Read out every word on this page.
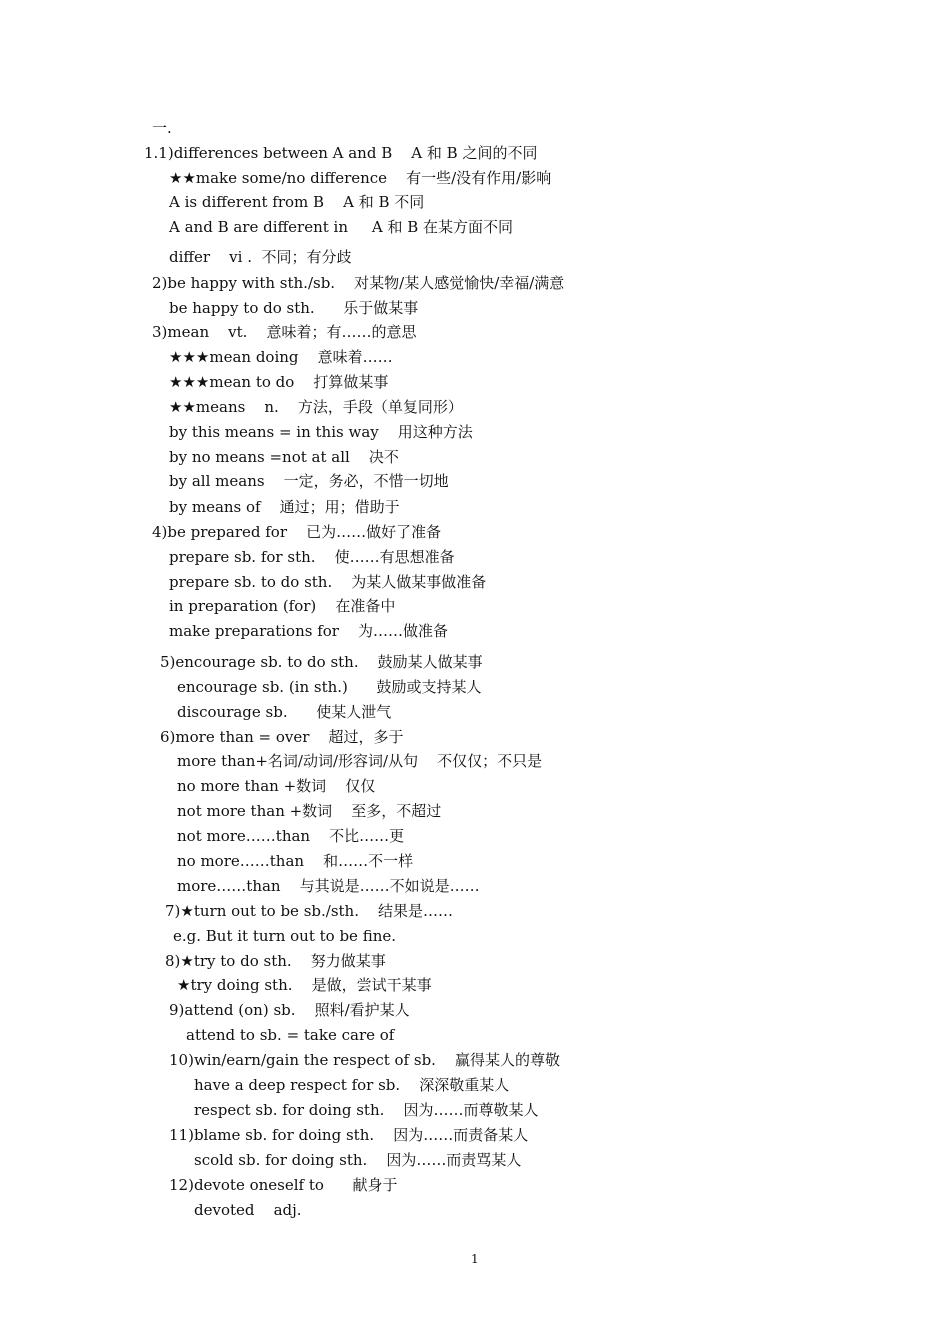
一.
1.1)differences between A and B    A 和 B 之间的不同
★★make some/no difference    有一些/没有作用/影响
A is different from B    A 和 B 不同
A and B are different in     A 和 B 在某方面不同
differ    vi .  不同；有分歧
2)be happy with sth./sb.    对某物/某人感觉愉快/幸福/满意
be happy to do sth.      乐于做某事
3)mean    vt.    意味着；有……的意思
★★★mean doing    意味着……
★★★mean to do    打算做某事
★★means    n.    方法，手段（单复同形）
by this means = in this way    用这种方法
by no means =not at all    决不
by all means    一定，务必，不惜一切地
by means of    通过；用；借助于
4)be prepared for    已为……做好了准备
prepare sb. for sth.    使……有思想准备
prepare sb. to do sth.    为某人做某事做准备
in preparation (for)    在准备中
make preparations for    为……做准备
5)encourage sb. to do sth.    鼓励某人做某事
encourage sb. (in sth.)      鼓励或支持某人
discourage sb.      使某人泄气
6)more than = over    超过，多于
more than+名词/动词/形容词/从句    不仅仅；不只是
no more than +数词    仅仅
not more than +数词    至多，不超过
not more……than    不比……更
no more……than    和……不一样
more……than    与其说是……不如说是……
7)★turn out to be sb./sth.    结果是……
e.g. But it turn out to be fine.
8)★try to do sth.    努力做某事
★try doing sth.    是做，尝试干某事
9)attend (on) sb.    照料/看护某人
attend to sb. = take care of
10)win/earn/gain the respect of sb.    赢得某人的尊敬
have a deep respect for sb.    深深敬重某人
respect sb. for doing sth.    因为……而尊敬某人
11)blame sb. for doing sth.    因为……而责备某人
scold sb. for doing sth.    因为……而责骂某人
12)devote oneself to      献身于
devoted    adj.
1
